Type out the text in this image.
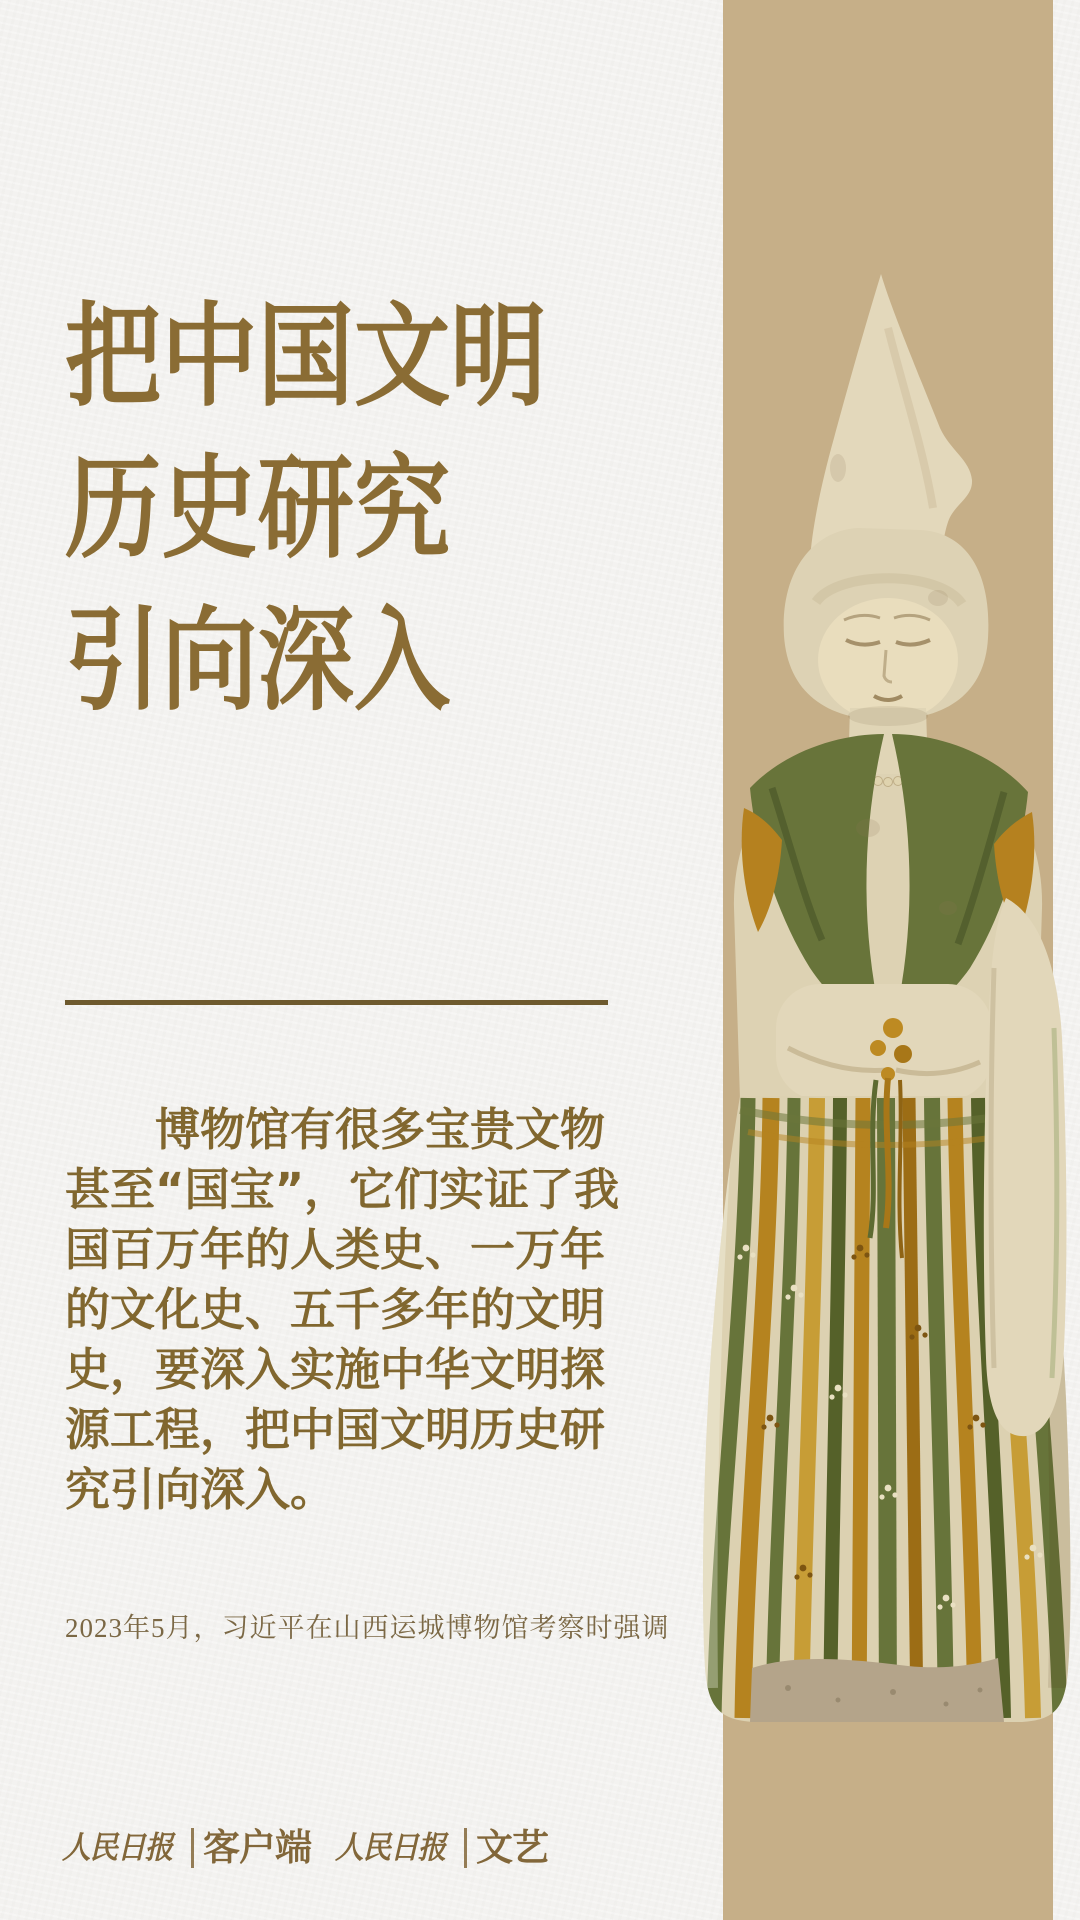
把中国文明
历史研究
引向深入
博物馆有很多宝贵文物
甚至“国宝”，它们实证了我
国百万年的人类史、一万年
的文化史、五千多年的文明
史，要深入实施中华文明探
源工程，把中国文明历史研
究引向深入。
2023年5月，习近平在山西运城博物馆考察时强调
人民日报 客户端 人民日报 文艺
